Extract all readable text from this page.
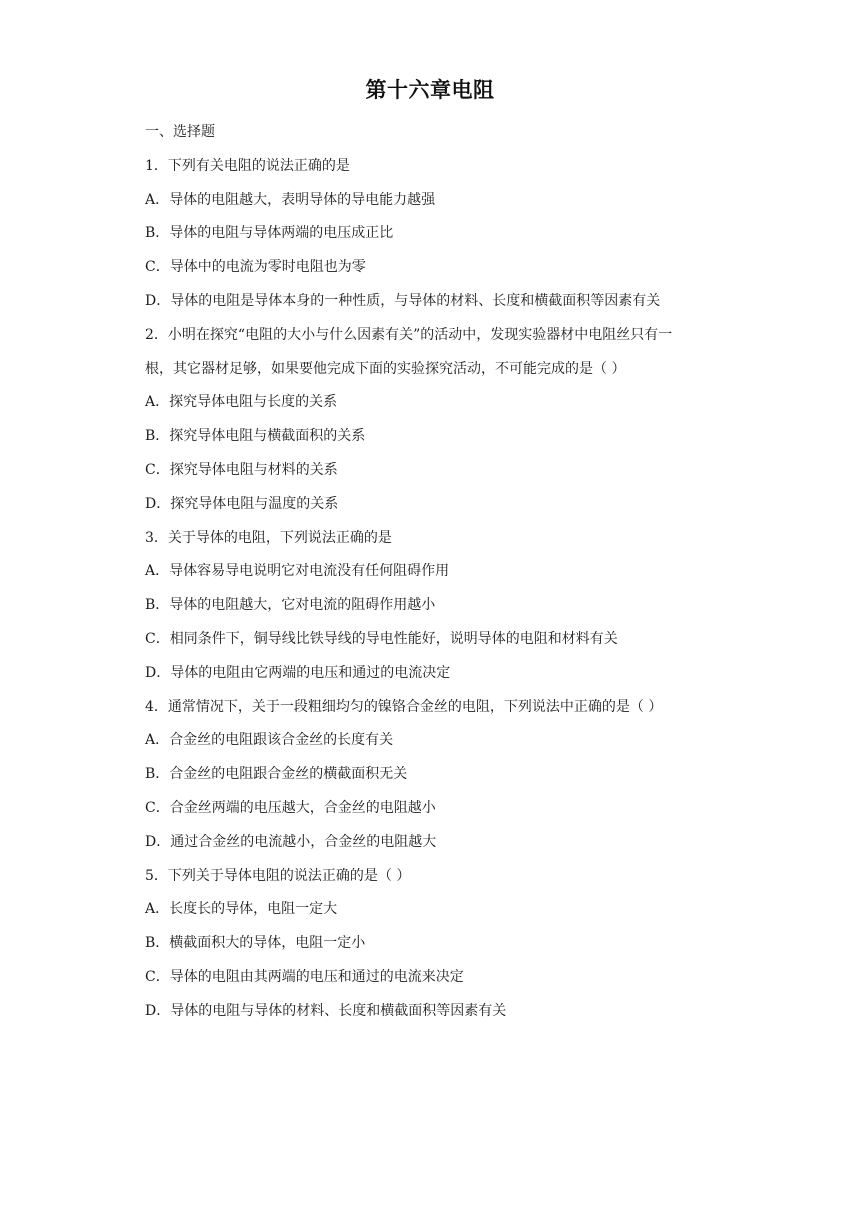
第十六章电阻
一、选择题
1．下列有关电阻的说法正确的是
A．导体的电阻越大，表明导体的导电能力越强
B．导体的电阻与导体两端的电压成正比
C．导体中的电流为零时电阻也为零
D．导体的电阻是导体本身的一种性质，与导体的材料、长度和横截面积等因素有关
2．小明在探究“电阻的大小与什么因素有关”的活动中，发现实验器材中电阻丝只有一
根，其它器材足够，如果要他完成下面的实验探究活动，不可能完成的是（ ）
A．探究导体电阻与长度的关系
B．探究导体电阻与横截面积的关系
C．探究导体电阻与材料的关系
D．探究导体电阻与温度的关系
3．关于导体的电阻，下列说法正确的是
A．导体容易导电说明它对电流没有任何阻碍作用
B．导体的电阻越大，它对电流的阻碍作用越小
C．相同条件下，铜导线比铁导线的导电性能好，说明导体的电阻和材料有关
D．导体的电阻由它两端的电压和通过的电流决定
4．通常情况下，关于一段粗细均匀的镍铬合金丝的电阻，下列说法中正确的是（ ）
A．合金丝的电阻跟该合金丝的长度有关
B．合金丝的电阻跟合金丝的横截面积无关
C．合金丝两端的电压越大，合金丝的电阻越小
D．通过合金丝的电流越小，合金丝的电阻越大
5．下列关于导体电阻的说法正确的是（ ）
A．长度长的导体，电阻一定大
B．横截面积大的导体，电阻一定小
C．导体的电阻由其两端的电压和通过的电流来决定
D．导体的电阻与导体的材料、长度和横截面积等因素有关
